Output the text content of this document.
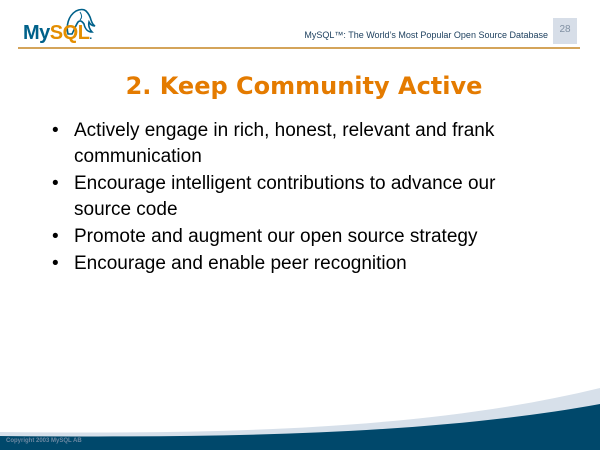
MySQL.	MySQL™: The World’s Most Popular Open Source Database	28
2. Keep Community Active
• Actively engage in rich, honest, relevant and frank communication
• Encourage intelligent contributions to advance our source code
• Promote and augment our open source strategy
• Encourage and enable peer recognition
Copyright 2003 MySQL AB
